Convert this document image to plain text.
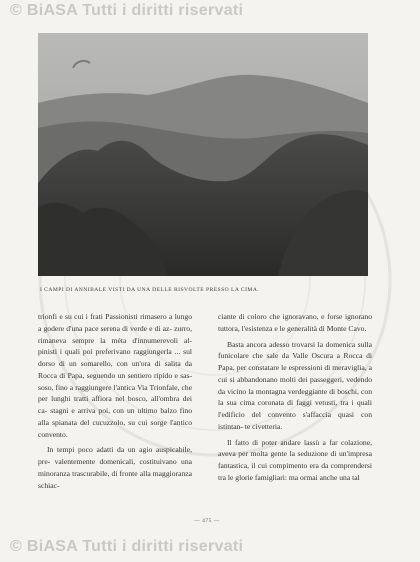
© BiASA Tutti i diritti riservati
I CAMPI DI ANNIBALE VISTI DA UNA DELLE RISVOLTE PRESSO LA CIMA.

trionfi e su cui i frati Passionisti rimasero a lungo a godere d'una pace serena di verde e di az- zurro, rimaneva sempre la méta d'innumerevoli al- pinisti i quali poi preferivano raggiungerla ... sul dorso di un somarello, con un'ora di salita da Rocca di Papa, seguendo un sentiero ripido e sas- soso, fino a raggiungere l'antica Via Trionfale, che per lunghi tratti affiora nel bosco, all'ombra dei ca- stagni e arriva poi, con un ultimo balzo fino alla spianata del cucuzzolo, su cui sorge l'antico convento.

In tempi poco adatti da un agio auspicabile, pre- valentemente domenicali, costituivano una minoranza trascurabile, di fronte alla maggioranza schiac-

ciante di coloro che ignoravano, e forse ignorano tuttora, l'esistenza e le generalità di Monte Cavo.

Basta ancora adesso trovarsi la domenica sulla funicolare che sale da Valle Oscura a Rocca di Papa, per constatare le espressioni di meraviglia, a cui si abbandonano molti dei passeggeri, vedendo da vicino la montagna verdeggiante di boschi, con la sua cima coronata di faggi vetusti, tra i quali l'edificio del convento s'affaccia quasi con istintan- te civetteria.

Il fatto di poter andare lassù a far colazione, aveva per molta gente la seduzione di un'impresa fantastica, il cui compimento era da comprendersi tra le glorie famigliari: ma ormai anche una tal

— 475 —
© BiASA Tutti i diritti riservati
